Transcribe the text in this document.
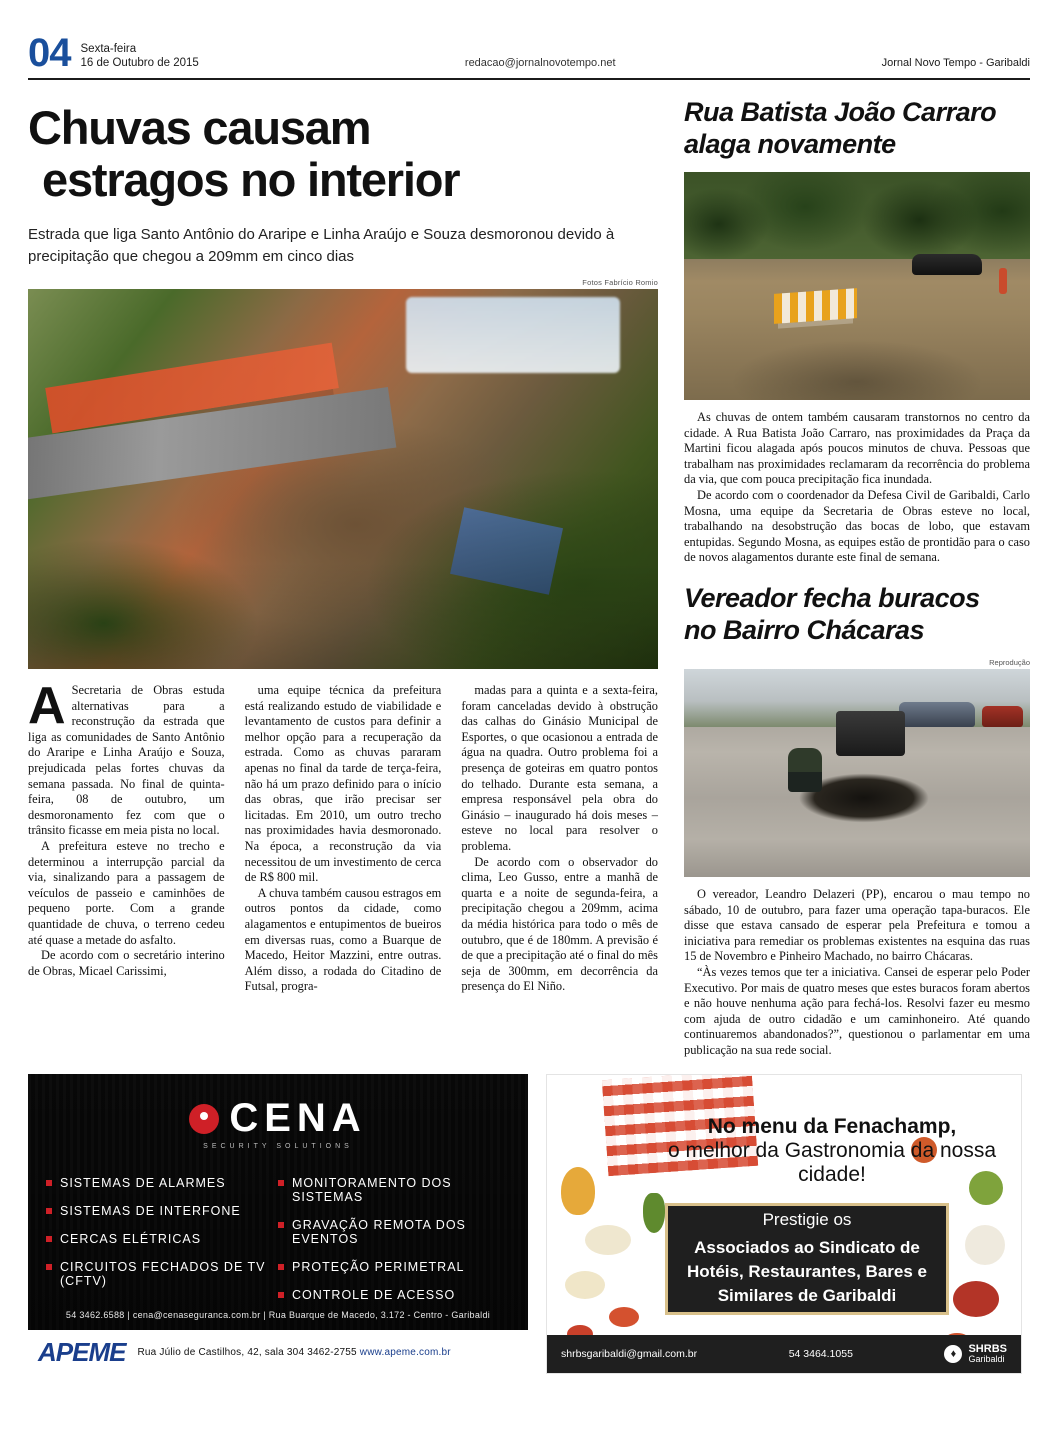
04 Sexta-feira
16 de Outubro de 2015	redacao@jornalnovotempo.net	Jornal Novo Tempo - Garibaldi
Chuvas causam
estragos no interior
Estrada que liga Santo Antônio do Araripe e Linha Araújo e Souza desmoronou devido à precipitação que chegou a 209mm em cinco dias
Fotos Fabrício Romio

A Secretaria de Obras estuda alternativas para a reconstrução da estrada que liga as comunidades de Santo Antônio do Araripe e Linha Araújo e Souza, prejudicada pelas fortes chuvas da semana passada. No final de quinta-feira, 08 de outubro, um desmoronamento fez com que o trânsito ficasse em meia pista no local.

A prefeitura esteve no trecho e determinou a interrupção parcial da via, sinalizando para a passagem de veículos de passeio e caminhões de pequeno porte. Com a grande quantidade de chuva, o terreno cedeu até quase a metade do asfalto.

De acordo com o secretário interino de Obras, Micael Carissimi,

uma equipe técnica da prefeitura está realizando estudo de viabilidade e levantamento de custos para definir a melhor opção para a recuperação da estrada. Como as chuvas pararam apenas no final da tarde de terça-feira, não há um prazo definido para o início das obras, que irão precisar ser licitadas. Em 2010, um outro trecho nas proximidades havia desmoronado. Na época, a reconstrução da via necessitou de um investimento de cerca de R$ 800 mil.

A chuva também causou estragos em outros pontos da cidade, como alagamentos e entupimentos de bueiros em diversas ruas, como a Buarque de Macedo, Heitor Mazzini, entre outras. Além disso, a rodada do Citadino de Futsal, progra-

madas para a quinta e a sexta-feira, foram canceladas devido à obstrução das calhas do Ginásio Municipal de Esportes, o que ocasionou a entrada de água na quadra. Outro problema foi a presença de goteiras em quatro pontos do telhado. Durante esta semana, a empresa responsável pela obra do Ginásio – inaugurado há dois meses – esteve no local para resolver o problema.

De acordo com o observador do clima, Leo Gusso, entre a manhã de quarta e a noite de segunda-feira, a precipitação chegou a 209mm, acima da média histórica para todo o mês de outubro, que é de 180mm. A previsão é de que a precipitação até o final do mês seja de 300mm, em decorrência da presença do El Niño.

Rua Batista João Carraro
alaga novamente

As chuvas de ontem também causaram transtornos no centro da cidade. A Rua Batista João Carraro, nas proximidades da Praça da Martini ficou alagada após poucos minutos de chuva. Pessoas que trabalham nas proximidades reclamaram da recorrência do problema da via, que com pouca precipitação fica inundada.

De acordo com o coordenador da Defesa Civil de Garibaldi, Carlo Mosna, uma equipe da Secretaria de Obras esteve no local, trabalhando na desobstrução das bocas de lobo, que estavam entupidas. Segundo Mosna, as equipes estão de prontidão para o caso de novos alagamentos durante este final de semana.

Vereador fecha buracos
no Bairro Chácaras
Reprodução

O vereador, Leandro Delazeri (PP), encarou o mau tempo no sábado, 10 de outubro, para fazer uma operação tapa-buracos. Ele disse que estava cansado de esperar pela Prefeitura e tomou a iniciativa para remediar os problemas existentes na esquina das ruas 15 de Novembro e Pinheiro Machado, no bairro Chácaras.

“Às vezes temos que ter a iniciativa. Cansei de esperar pelo Poder Executivo. Por mais de quatro meses que estes buracos foram abertos e não houve nenhuma ação para fechá-los. Resolvi fazer eu mesmo com ajuda de outro cidadão e um caminhoneiro. Até quando continuaremos abandonados?”, questionou o parlamentar em uma publicação na sua rede social.

CENA
SECURITY SOLUTIONS
SISTEMAS DE ALARMES
SISTEMAS DE INTERFONE
CERCAS ELÉTRICAS
CIRCUITOS FECHADOS DE TV (CFTV)
MONITORAMENTO DOS SISTEMAS
GRAVAÇÃO REMOTA DOS EVENTOS
PROTEÇÃO PERIMETRAL
CONTROLE DE ACESSO
54 3462.6588 | cena@cenaseguranca.com.br | Rua Buarque de Macedo, 3.172 - Centro - Garibaldi
APEME Rua Júlio de Castilhos, 42, sala 304 3462-2755 www.apeme.com.br
No menu da Fenachamp,
o melhor da Gastronomia da nossa cidade!
Prestigie os
Associados ao Sindicato de Hotéis, Restaurantes, Bares e Similares de Garibaldi
shrbsgaribaldi@gmail.com.br	54 3464.1055	♦	SHRBS
Garibaldi
